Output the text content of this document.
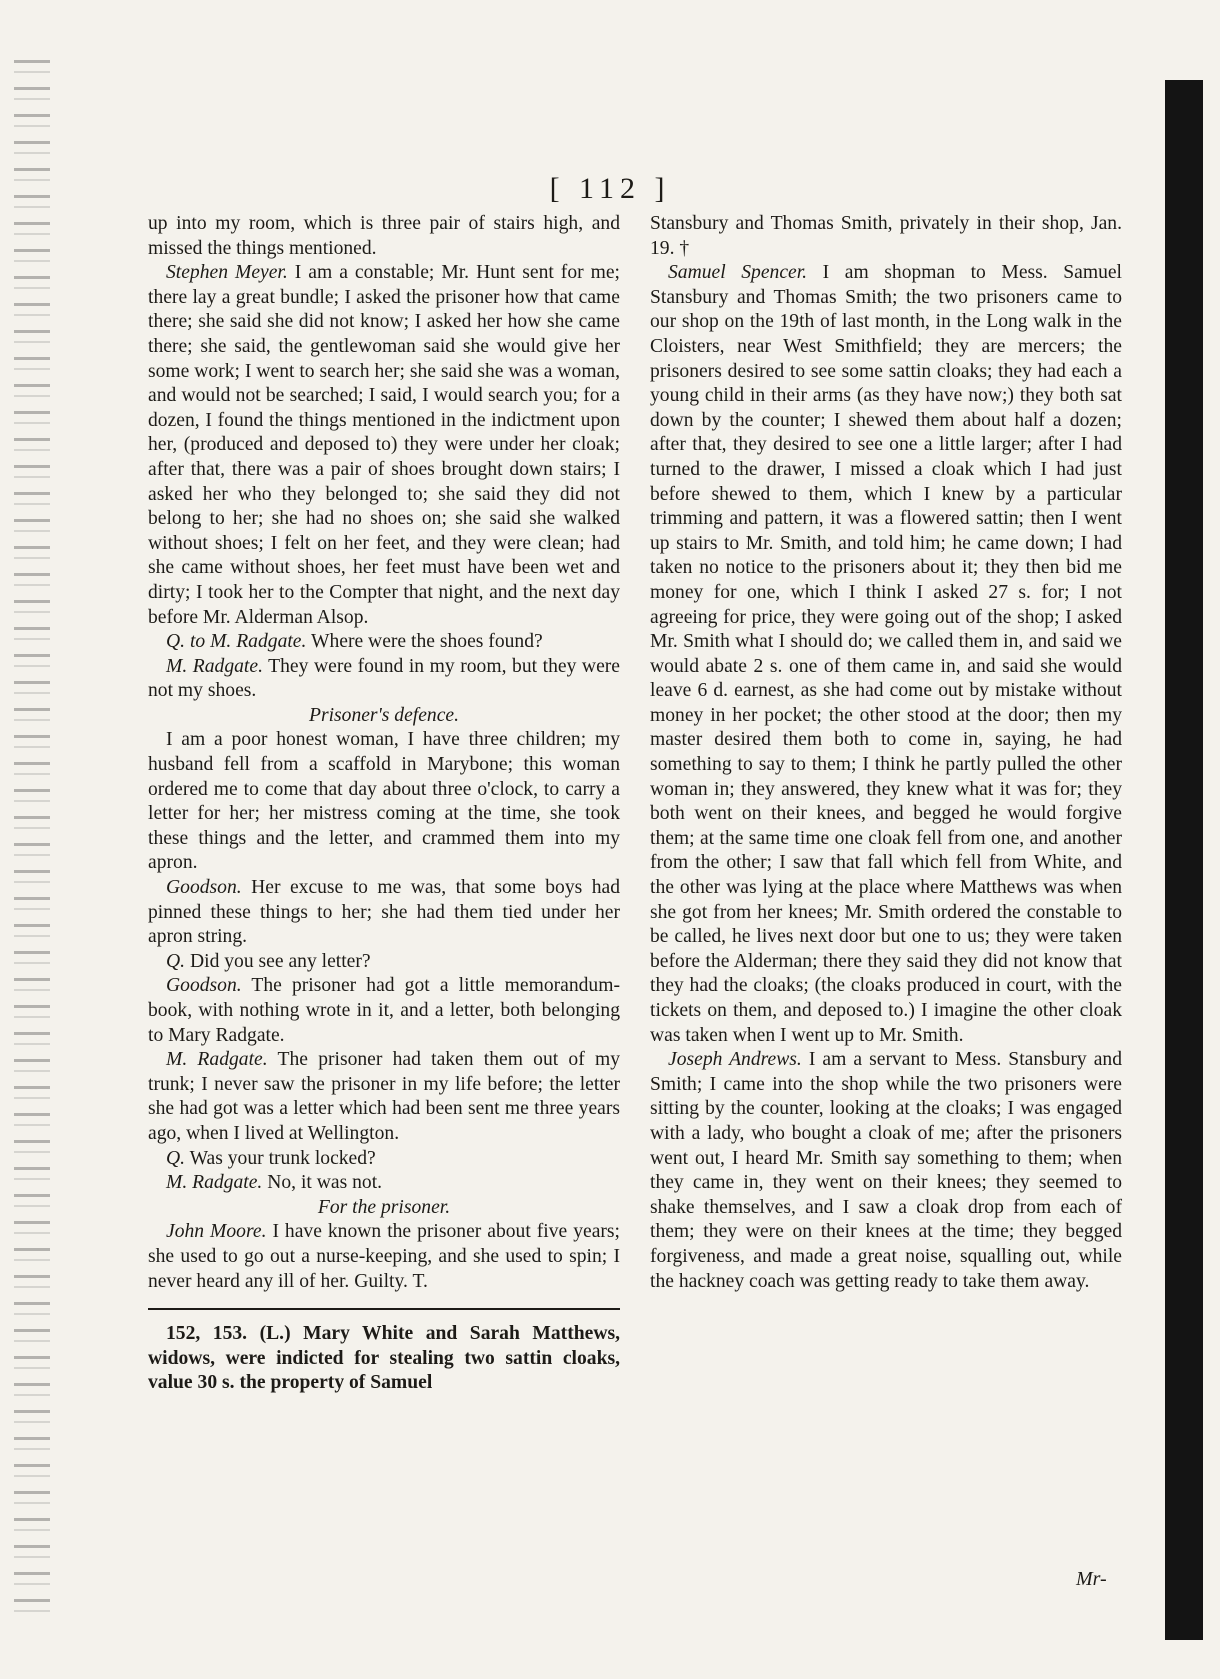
[ 112 ]

up into my room, which is three pair of stairs high, and missed the things mentioned.

Stephen Meyer. I am a constable; Mr. Hunt sent for me; there lay a great bundle; I asked the prisoner how that came there; she said she did not know; I asked her how she came there; she said, the gentlewoman said she would give her some work; I went to search her; she said she was a woman, and would not be searched; I said, I would search you; for a dozen, I found the things mentioned in the indictment upon her, (produced and deposed to) they were under her cloak; after that, there was a pair of shoes brought down stairs; I asked her who they belonged to; she said they did not belong to her; she had no shoes on; she said she walked without shoes; I felt on her feet, and they were clean; had she came without shoes, her feet must have been wet and dirty; I took her to the Compter that night, and the next day before Mr. Alderman Alsop.

Q. to M. Radgate. Where were the shoes found?

M. Radgate. They were found in my room, but they were not my shoes.

Prisoner's defence.

I am a poor honest woman, I have three children; my husband fell from a scaffold in Marybone; this woman ordered me to come that day about three o'clock, to carry a letter for her; her mistress coming at the time, she took these things and the letter, and crammed them into my apron.

Goodson. Her excuse to me was, that some boys had pinned these things to her; she had them tied under her apron string.

Q. Did you see any letter?

Goodson. The prisoner had got a little memorandum-book, with nothing wrote in it, and a letter, both belonging to Mary Radgate.

M. Radgate. The prisoner had taken them out of my trunk; I never saw the prisoner in my life before; the letter she had got was a letter which had been sent me three years ago, when I lived at Wellington.

Q. Was your trunk locked?

M. Radgate. No, it was not.

For the prisoner.

John Moore. I have known the prisoner about five years; she used to go out a nurse-keeping, and she used to spin; I never heard any ill of her. Guilty. T.

152, 153. (L.) Mary White and Sarah Matthews, widows, were indicted for stealing two sattin cloaks, value 30 s. the property of Samuel

Stansbury and Thomas Smith, privately in their shop, Jan. 19. †

Samuel Spencer. I am shopman to Mess. Samuel Stansbury and Thomas Smith; the two prisoners came to our shop on the 19th of last month, in the Long walk in the Cloisters, near West Smithfield; they are mercers; the prisoners desired to see some sattin cloaks; they had each a young child in their arms (as they have now;) they both sat down by the counter; I shewed them about half a dozen; after that, they desired to see one a little larger; after I had turned to the drawer, I missed a cloak which I had just before shewed to them, which I knew by a particular trimming and pattern, it was a flowered sattin; then I went up stairs to Mr. Smith, and told him; he came down; I had taken no notice to the prisoners about it; they then bid me money for one, which I think I asked 27 s. for; I not agreeing for price, they were going out of the shop; I asked Mr. Smith what I should do; we called them in, and said we would abate 2 s. one of them came in, and said she would leave 6 d. earnest, as she had come out by mistake without money in her pocket; the other stood at the door; then my master desired them both to come in, saying, he had something to say to them; I think he partly pulled the other woman in; they answered, they knew what it was for; they both went on their knees, and begged he would forgive them; at the same time one cloak fell from one, and another from the other; I saw that fall which fell from White, and the other was lying at the place where Matthews was when she got from her knees; Mr. Smith ordered the constable to be called, he lives next door but one to us; they were taken before the Alderman; there they said they did not know that they had the cloaks; (the cloaks produced in court, with the tickets on them, and deposed to.) I imagine the other cloak was taken when I went up to Mr. Smith.

Joseph Andrews. I am a servant to Mess. Stansbury and Smith; I came into the shop while the two prisoners were sitting by the counter, looking at the cloaks; I was engaged with a lady, who bought a cloak of me; after the prisoners went out, I heard Mr. Smith say something to them; when they came in, they went on their knees; they seemed to shake themselves, and I saw a cloak drop from each of them; they were on their knees at the time; they begged forgiveness, and made a great noise, squalling out, while the hackney coach was getting ready to take them away.

Mr-
